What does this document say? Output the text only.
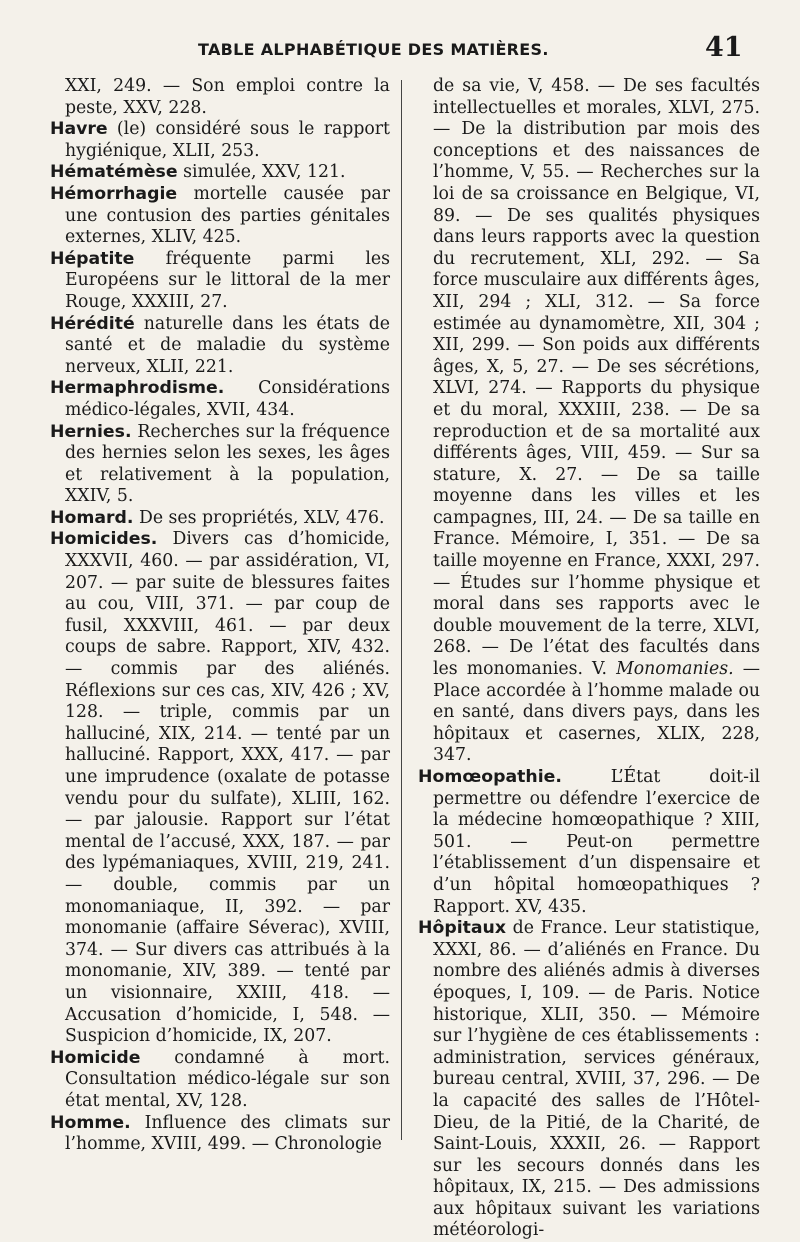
TABLE ALPHABÉTIQUE DES MATIÈRES.	41

XXI, 249. — Son emploi contre la peste, XXV, 228.

Havre (le) considéré sous le rapport hygiénique, XLII, 253.

Hématémèse simulée, XXV, 121.

Hémorrhagie mortelle causée par une contusion des parties génitales externes, XLIV, 425.

Hépatite fréquente parmi les Européens sur le littoral de la mer Rouge, XXXIII, 27.

Hérédité naturelle dans les états de santé et de maladie du système nerveux, XLII, 221.

Hermaphrodisme. Considérations médico-légales, XVII, 434.

Hernies. Recherches sur la fréquence des hernies selon les sexes, les âges et relativement à la population, XXIV, 5.

Homard. De ses propriétés, XLV, 476.

Homicides. Divers cas d’homicide, XXXVII, 460. — par assidération, VI, 207. — par suite de blessures faites au cou, VIII, 371. — par coup de fusil, XXXVIII, 461. — par deux coups de sabre. Rapport, XIV, 432. — commis par des aliénés. Réflexions sur ces cas, XIV, 426 ; XV, 128. — triple, commis par un halluciné, XIX, 214. — tenté par un halluciné. Rapport, XXX, 417. — par une imprudence (oxalate de potasse vendu pour du sulfate), XLIII, 162. — par jalousie. Rapport sur l’état mental de l’accusé, XXX, 187. — par des lypémaniaques, XVIII, 219, 241. — double, commis par un monomaniaque, II, 392. — par monomanie (affaire Séverac), XVIII, 374. — Sur divers cas attribués à la monomanie, XIV, 389. — tenté par un visionnaire, XXIII, 418. — Accusation d’homicide, I, 548. — Suspicion d’homicide, IX, 207.

Homicide condamné à mort. Consultation médico-légale sur son état mental, XV, 128.

Homme. Influence des climats sur l’homme, XVIII, 499. — Chronologie

de sa vie, V, 458. — De ses facultés intellectuelles et morales, XLVI, 275. — De la distribution par mois des conceptions et des naissances de l’homme, V, 55. — Recherches sur la loi de sa croissance en Belgique, VI, 89. — De ses qualités physiques dans leurs rapports avec la question du recrutement, XLI, 292. — Sa force musculaire aux différents âges, XII, 294 ; XLI, 312. — Sa force estimée au dynamomètre, XII, 304 ; XII, 299. — Son poids aux différents âges, X, 5, 27. — De ses sécrétions, XLVI, 274. — Rapports du physique et du moral, XXXIII, 238. — De sa reproduction et de sa mortalité aux différents âges, VIII, 459. — Sur sa stature, X. 27. — De sa taille moyenne dans les villes et les campagnes, III, 24. — De sa taille en France. Mémoire, I, 351. — De sa taille moyenne en France, XXXI, 297. — Études sur l’homme physique et moral dans ses rapports avec le double mouvement de la terre, XLVI, 268. — De l’état des facultés dans les monomanies. V. Monomanies. — Place accordée à l’homme malade ou en santé, dans divers pays, dans les hôpitaux et casernes, XLIX, 228, 347.

Homœopathie. L’État doit-il permettre ou défendre l’exercice de la médecine homœopathique ? XIII, 501. — Peut-on permettre l’établissement d’un dispensaire et d’un hôpital homœopathiques ? Rapport. XV, 435.

Hôpitaux de France. Leur statistique, XXXI, 86. — d’aliénés en France. Du nombre des aliénés admis à diverses époques, I, 109. — de Paris. Notice historique, XLII, 350. — Mémoire sur l’hygiène de ces établissements : administration, services généraux, bureau central, XVIII, 37, 296. — De la capacité des salles de l’Hôtel-Dieu, de la Pitié, de la Charité, de Saint-Louis, XXXII, 26. — Rapport sur les secours donnés dans les hôpitaux, IX, 215. — Des admissions aux hôpitaux suivant les variations météorologi-
